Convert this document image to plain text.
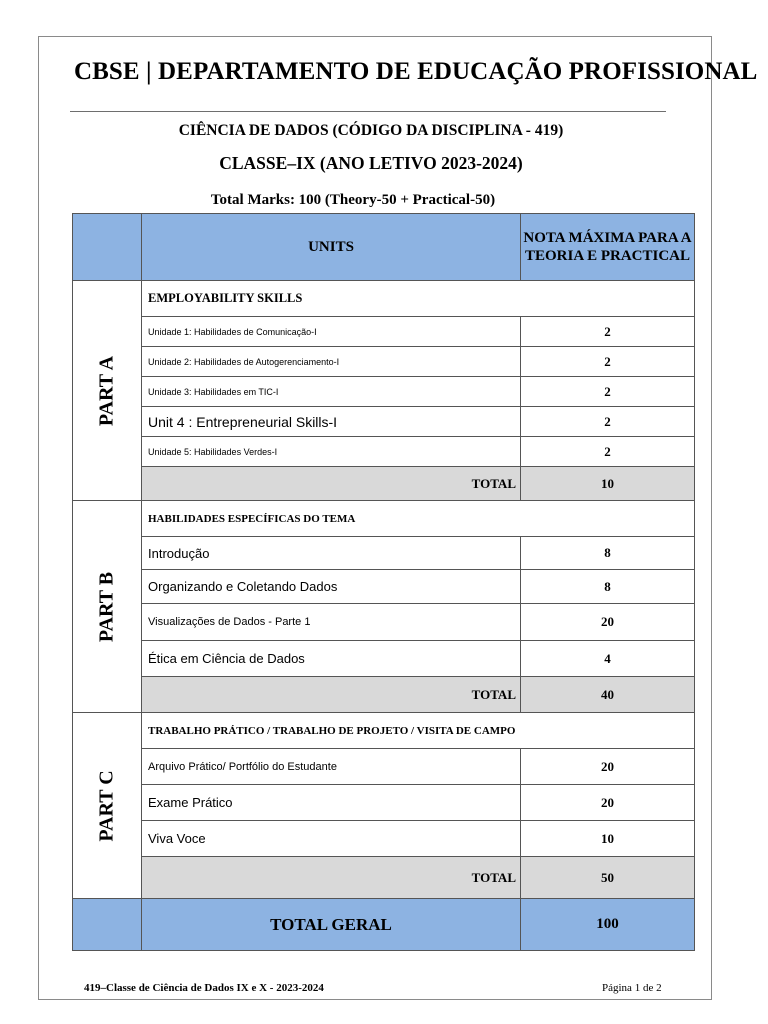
CBSE | DEPARTAMENTO DE EDUCAÇÃO PROFISSIONAL
CIÊNCIA DE DADOS (CÓDIGO DA DISCIPLINA - 419)
CLASSE–IX (ANO LETIVO 2023-2024)
Total Marks: 100 (Theory-50 + Practical-50)
	UNITS	NOTA MÁXIMA PARA A TEORIA E PRACTICAL

PART A	EMPLOYABILITY SKILLS	
	Unidade 1: Habilidades de Comunicação-I	2
	Unidade 2: Habilidades de Autogerenciamento-I	2
	Unidade 3: Habilidades em TIC-I	2
	Unit 4 : Entrepreneurial Skills-I	2
	Unidade 5: Habilidades Verdes-I	2
	TOTAL	10

PART B	HABILIDADES ESPECÍFICAS DO TEMA	
	Introdução	8
	Organizando e Coletando Dados	8
	Visualizações de Dados - Parte 1	20
	Ética em Ciência de Dados	4
	TOTAL	40

PART C	TRABALHO PRÁTICO / TRABALHO DE PROJETO / VISITA DE CAMPO	
	Arquivo Prático/ Portfólio do Estudante	20
	Exame Prático	20
	Viva Voce	10
	TOTAL	50
	TOTAL GERAL	100
419–Classe de Ciência de Dados IX e X - 2023-2024	Página 1 de 2
